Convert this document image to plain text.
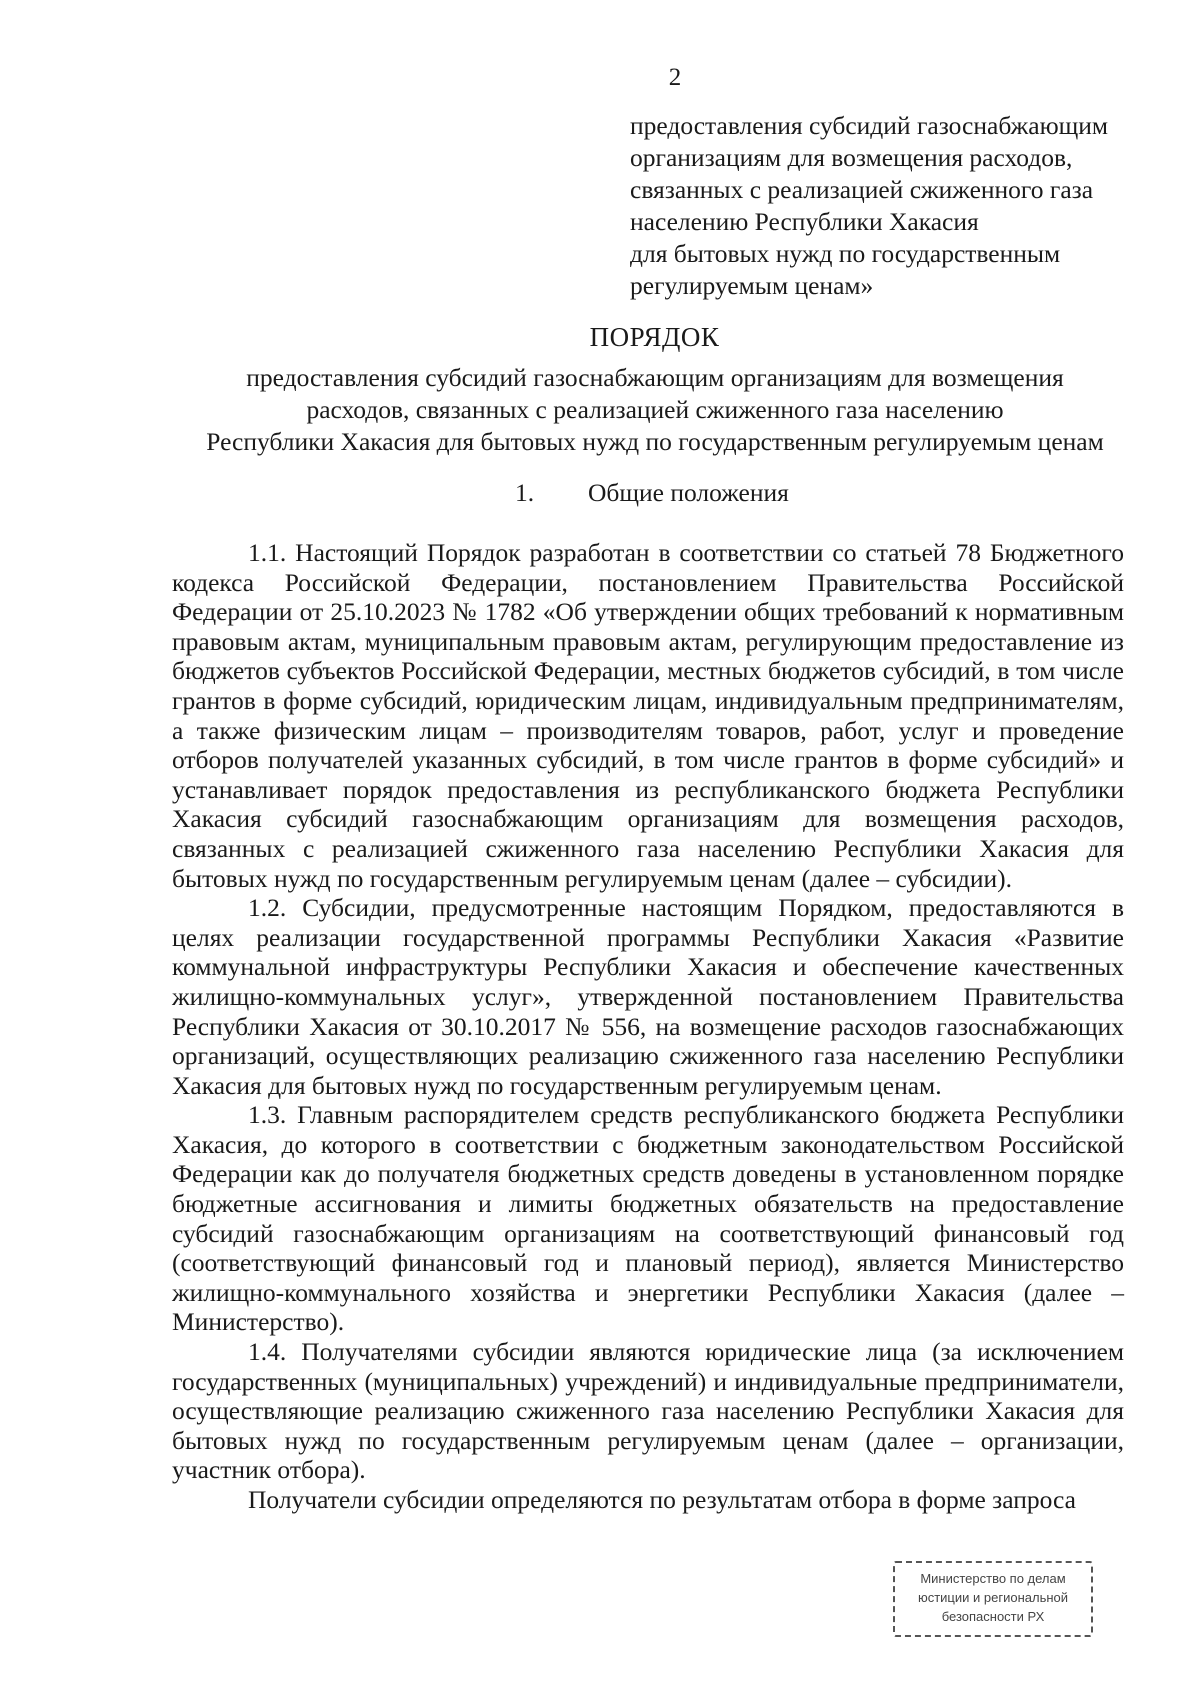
2
предоставления субсидий газоснабжающим
организациям для возмещения расходов,
связанных с реализацией сжиженного газа
населению Республики Хакасия
для бытовых нужд по государственным
регулируемым ценам»
ПОРЯДОК
предоставления субсидий газоснабжающим организациям для возмещения
расходов, связанных с реализацией сжиженного газа населению
Республики Хакасия для бытовых нужд по государственным регулируемым ценам
1. Общие положения

1.1. Настоящий Порядок разработан в соответствии со статьей 78 Бюджетного кодекса Российской Федерации, постановлением Правительства Российской Федерации от 25.10.2023 № 1782 «Об утверждении общих требований к нормативным правовым актам, муниципальным правовым актам, регулирующим предоставление из бюджетов субъектов Российской Федерации, местных бюджетов субсидий, в том числе грантов в форме субсидий, юридическим лицам, индивидуальным предпринимателям, а также физическим лицам – производителям товаров, работ, услуг и проведение отборов получателей указанных субсидий, в том числе грантов в форме субсидий» и устанавливает порядок предоставления из республиканского бюджета Республики Хакасия субсидий газоснабжающим организациям для возмещения расходов, связанных с реализацией сжиженного газа населению Республики Хакасия для бытовых нужд по государственным регулируемым ценам (далее – субсидии).

1.2. Субсидии, предусмотренные настоящим Порядком, предоставляются в целях реализации государственной программы Республики Хакасия «Развитие коммунальной инфраструктуры Республики Хакасия и обеспечение качественных жилищно-коммунальных услуг», утвержденной постановлением Правительства Республики Хакасия от 30.10.2017 № 556, на возмещение расходов газоснабжающих организаций, осуществляющих реализацию сжиженного газа населению Республики Хакасия для бытовых нужд по государственным регулируемым ценам.

1.3. Главным распорядителем средств республиканского бюджета Республики Хакасия, до которого в соответствии с бюджетным законодательством Российской Федерации как до получателя бюджетных средств доведены в установленном порядке бюджетные ассигнования и лимиты бюджетных обязательств на предоставление субсидий газоснабжающим организациям на соответствующий финансовый год (соответствующий финансовый год и плановый период), является Министерство жилищно-коммунального хозяйства и энергетики Республики Хакасия (далее – Министерство).

1.4. Получателями субсидии являются юридические лица (за исключением государственных (муниципальных) учреждений) и индивидуальные предприниматели, осуществляющие реализацию сжиженного газа населению Республики Хакасия для бытовых нужд по государственным регулируемым ценам (далее – организации, участник отбора).

Получатели субсидии определяются по результатам отбора в форме запроса

Министерство по делам
юстиции и региональной
безопасности РХ
